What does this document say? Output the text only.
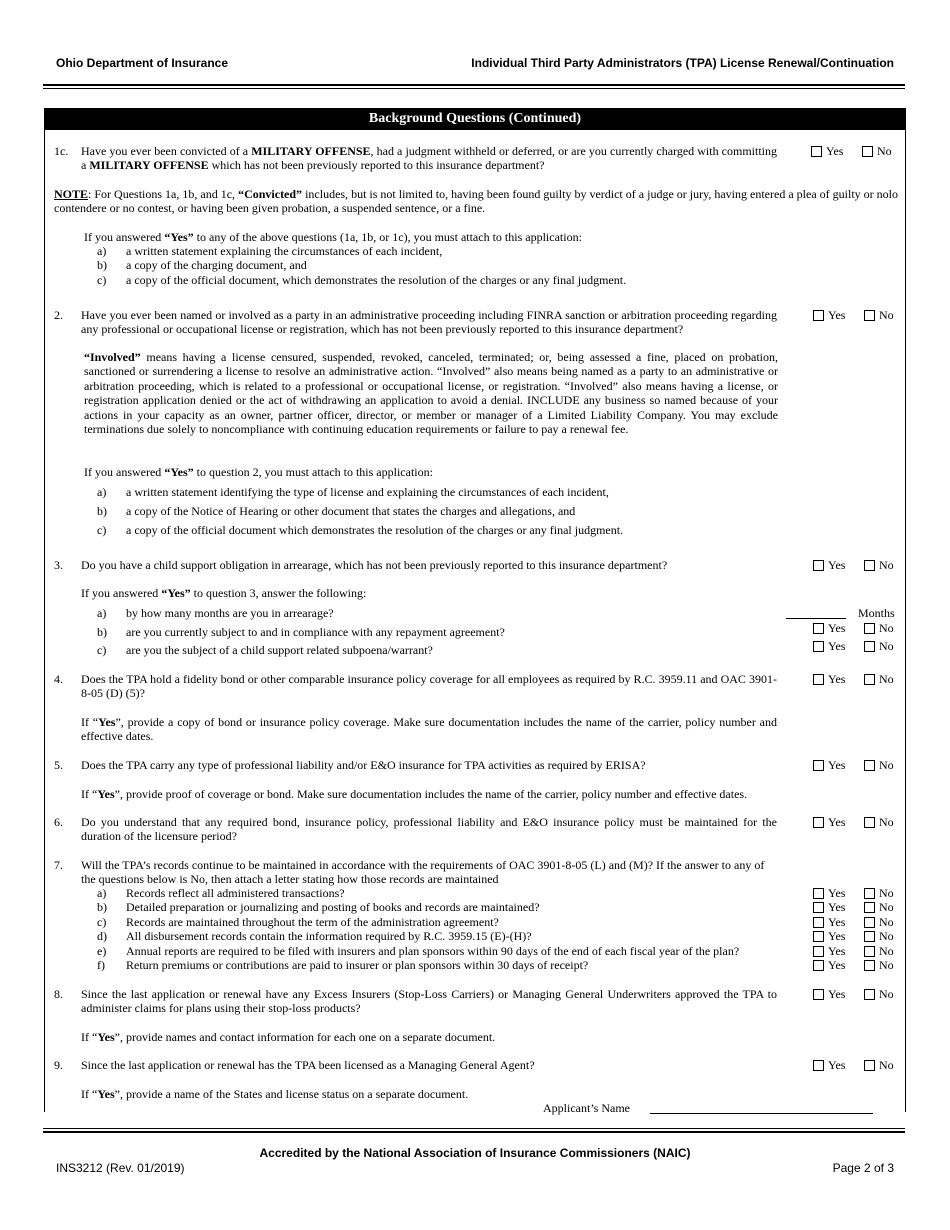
Ohio Department of Insurance	Individual Third Party Administrators (TPA) License Renewal/Continuation
Background Questions (Continued)
1c. Have you ever been convicted of a MILITARY OFFENSE, had a judgment withheld or deferred, or are you currently charged with committing a MILITARY OFFENSE which has not been previously reported to this insurance department?
Yes	No
NOTE: For Questions 1a, 1b, and 1c, “Convicted” includes, but is not limited to, having been found guilty by verdict of a judge or jury, having entered a plea of guilty or nolo contendere or no contest, or having been given probation, a suspended sentence, or a fine.
If you answered “Yes” to any of the above questions (1a, 1b, or 1c), you must attach to this application:
a) a written statement explaining the circumstances of each incident,
b) a copy of the charging document, and
c) a copy of the official document, which demonstrates the resolution of the charges or any final judgment.
2. Have you ever been named or involved as a party in an administrative proceeding including FINRA sanction or arbitration proceeding regarding any professional or occupational license or registration, which has not been previously reported to this insurance department?
Yes	No
“Involved” means having a license censured, suspended, revoked, canceled, terminated; or, being assessed a fine, placed on probation, sanctioned or surrendering a license to resolve an administrative action. “Involved” also means being named as a party to an administrative or arbitration proceeding, which is related to a professional or occupational license, or registration. “Involved” also means having a license, or registration application denied or the act of withdrawing an application to avoid a denial. INCLUDE any business so named because of your actions in your capacity as an owner, partner officer, director, or member or manager of a Limited Liability Company. You may exclude terminations due solely to noncompliance with continuing education requirements or failure to pay a renewal fee.
If you answered “Yes” to question 2, you must attach to this application:
a) a written statement identifying the type of license and explaining the circumstances of each incident,
b) a copy of the Notice of Hearing or other document that states the charges and allegations, and
c) a copy of the official document which demonstrates the resolution of the charges or any final judgment.
3. Do you have a child support obligation in arrearage, which has not been previously reported to this insurance department?	Yes	No
If you answered “Yes” to question 3, answer the following:
a) by how many months are you in arrearage?	Months
b) are you currently subject to and in compliance with any repayment agreement?	Yes	No
c) are you the subject of a child support related subpoena/warrant?	Yes	No
4. Does the TPA hold a fidelity bond or other comparable insurance policy coverage for all employees as required by R.C. 3959.11 and OAC 3901-8-05 (D) (5)?
Yes	No
If “Yes”, provide a copy of bond or insurance policy coverage. Make sure documentation includes the name of the carrier, policy number and effective dates.
5. Does the TPA carry any type of professional liability and/or E&O insurance for TPA activities as required by ERISA?	Yes	No
If “Yes”, provide proof of coverage or bond. Make sure documentation includes the name of the carrier, policy number and effective dates.
6. Do you understand that any required bond, insurance policy, professional liability and E&O insurance policy must be maintained for the duration of the licensure period?
Yes	No
7. Will the TPA’s records continue to be maintained in accordance with the requirements of OAC 3901-8-05 (L) and (M)? If the answer to any of the questions below is No, then attach a letter stating how those records are maintained
a) Records reflect all administered transactions?	Yes	No
b) Detailed preparation or journalizing and posting of books and records are maintained?	Yes	No
c) Records are maintained throughout the term of the administration agreement?	Yes	No
d) All disbursement records contain the information required by R.C. 3959.15 (E)-(H)?	Yes	No
e) Annual reports are required to be filed with insurers and plan sponsors within 90 days of the end of each fiscal year of the plan?	Yes	No
f) Return premiums or contributions are paid to insurer or plan sponsors within 30 days of receipt?	Yes	No
8. Since the last application or renewal have any Excess Insurers (Stop-Loss Carriers) or Managing General Underwriters approved the TPA to administer claims for plans using their stop-loss products?
Yes	No
If “Yes”, provide names and contact information for each one on a separate document.
9. Since the last application or renewal has the TPA been licensed as a Managing General Agent?	Yes	No
If “Yes”, provide a name of the States and license status on a separate document.
Applicant’s Name
Accredited by the National Association of Insurance Commissioners (NAIC)
INS3212 (Rev. 01/2019)	Page 2 of 3
